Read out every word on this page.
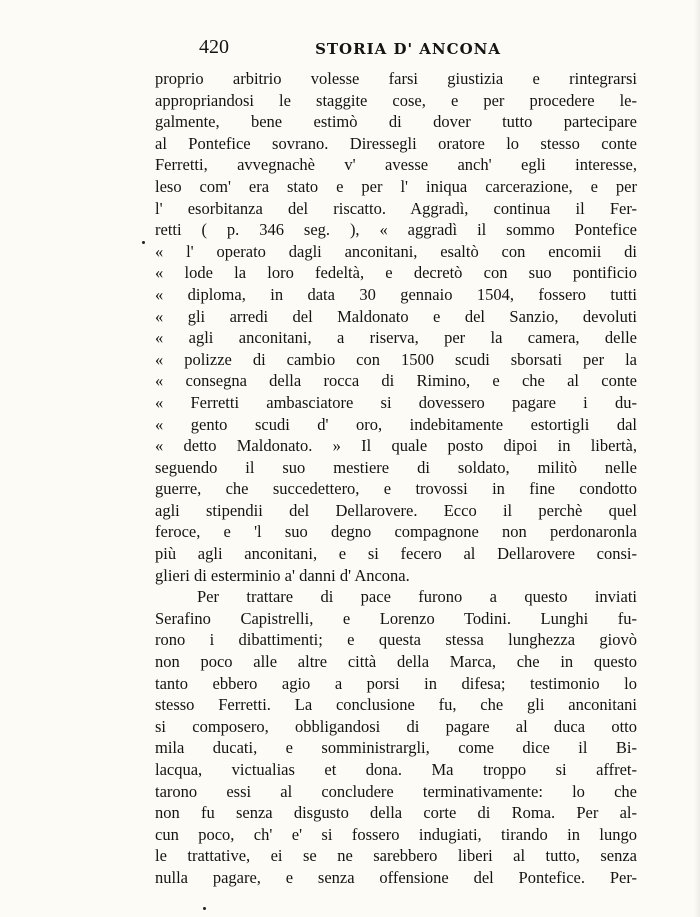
420	STORIA D' ANCONA
proprio arbitrio volesse farsi giustizia e rintegrarsi
appropriandosi le staggite cose, e per procedere le-
galmente, bene estimò di dover tutto partecipare
al Pontefice sovrano. Diressegli oratore lo stesso conte
Ferretti, avvegnachè v' avesse anch' egli interesse,
leso com' era stato e per l' iniqua carcerazione, e per
l' esorbitanza del riscatto. Aggradì, continua il Fer-
retti ( p. 346 seg. ), « aggradì il sommo Pontefice
« l' operato dagli anconitani, esaltò con encomii di
« lode la loro fedeltà, e decretò con suo pontificio
« diploma, in data 30 gennaio 1504, fossero tutti
« gli arredi del Maldonato e del Sanzio, devoluti
« agli anconitani, a riserva, per la camera, delle
« polizze di cambio con 1500 scudi sborsati per la
« consegna della rocca di Rimino, e che al conte
« Ferretti ambasciatore si dovessero pagare i du-
« gento scudi d' oro, indebitamente estortigli dal
« detto Maldonato. » Il quale posto dipoi in libertà,
seguendo il suo mestiere di soldato, militò nelle
guerre, che succedettero, e trovossi in fine condotto
agli stipendii del Dellarovere. Ecco il perchè quel
feroce, e 'l suo degno compagnone non perdonaronla
più agli anconitani, e si fecero al Dellarovere consi-
glieri di esterminio a' danni d' Ancona.
Per trattare di pace furono a questo inviati
Serafino Capistrelli, e Lorenzo Todini. Lunghi fu-
rono i dibattimenti; e questa stessa lunghezza giovò
non poco alle altre città della Marca, che in questo
tanto ebbero agio a porsi in difesa; testimonio lo
stesso Ferretti. La conclusione fu, che gli anconitani
si composero, obbligandosi di pagare al duca otto
mila ducati, e somministrargli, come dice il Bi-
lacqua, victualias et dona. Ma troppo si affret-
tarono essi al concludere terminativamente: lo che
non fu senza disgusto della corte di Roma. Per al-
cun poco, ch' e' si fossero indugiati, tirando in lungo
le trattative, ei se ne sarebbero liberi al tutto, senza
nulla pagare, e senza offensione del Pontefice. Per-
